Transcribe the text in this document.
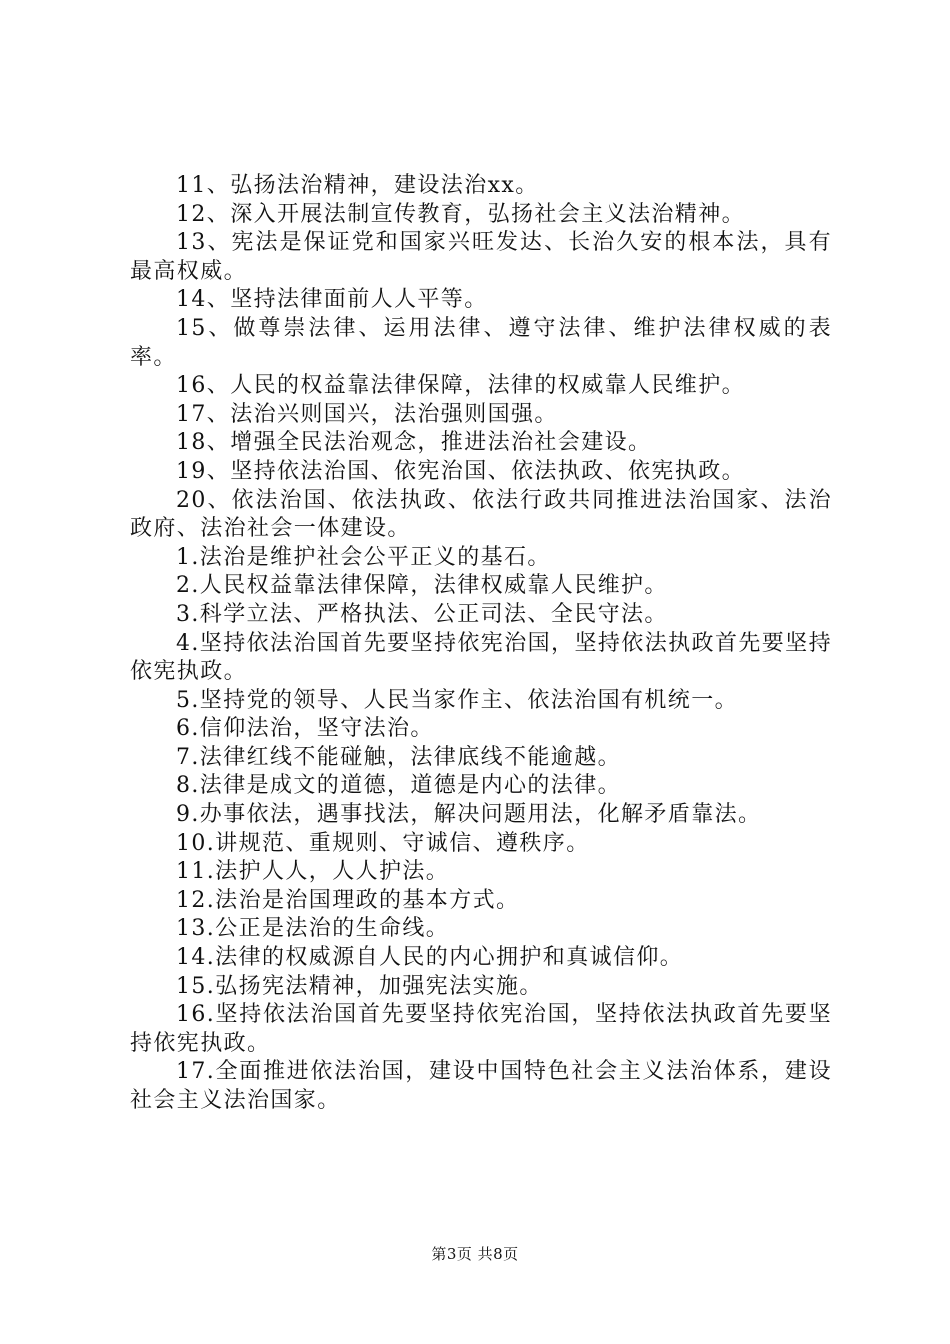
11、弘扬法治精神，建设法治xx。

12、深入开展法制宣传教育，弘扬社会主义法治精神。

13、宪法是保证党和国家兴旺发达、长治久安的根本法，具有最高权威。

14、坚持法律面前人人平等。

15、做尊崇法律、运用法律、遵守法律、维护法律权威的表率。

16、人民的权益靠法律保障，法律的权威靠人民维护。

17、法治兴则国兴，法治强则国强。

18、增强全民法治观念，推进法治社会建设。

19、坚持依法治国、依宪治国、依法执政、依宪执政。

20、依法治国、依法执政、依法行政共同推进法治国家、法治政府、法治社会一体建设。

1.法治是维护社会公平正义的基石。

2.人民权益靠法律保障，法律权威靠人民维护。

3.科学立法、严格执法、公正司法、全民守法。

4.坚持依法治国首先要坚持依宪治国，坚持依法执政首先要坚持依宪执政。

5.坚持党的领导、人民当家作主、依法治国有机统一。

6.信仰法治，坚守法治。

7.法律红线不能碰触，法律底线不能逾越。

8.法律是成文的道德，道德是内心的法律。

9.办事依法，遇事找法，解决问题用法，化解矛盾靠法。

10.讲规范、重规则、守诚信、遵秩序。

11.法护人人，人人护法。

12.法治是治国理政的基本方式。

13.公正是法治的生命线。

14.法律的权威源自人民的内心拥护和真诚信仰。

15.弘扬宪法精神，加强宪法实施。

16.坚持依法治国首先要坚持依宪治国，坚持依法执政首先要坚持依宪执政。

17.全面推进依法治国，建设中国特色社会主义法治体系，建设社会主义法治国家。

第3页 共8页
